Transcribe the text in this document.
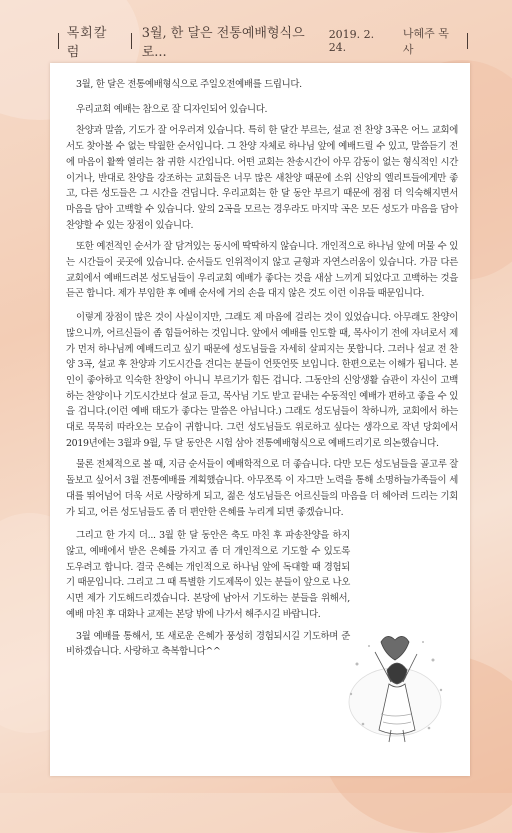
목회칼럼
3월, 한 달은 전통예배형식으로...
2019. 2. 24.
나혜주 목사

3월, 한 달은 전통예배형식으로 주일오전예배를 드립니다.

우리교회 예배는 참으로 잘 디자인되어 있습니다.

찬양과 말씀, 기도가 잘 어우러져 있습니다. 특히 한 달간 부르는, 설교 전 찬양 3곡은 어느 교회에서도 찾아볼 수 없는 탁월한 순서입니다. 그 찬양 자체로 하나님 앞에 예배드릴 수 있고, 말씀듣기 전에 마음이 활짝 열리는 참 귀한 시간입니다. 어떤 교회는 찬송시간이 아무 감동이 없는 형식적인 시간이거나, 반대로 찬양을 강조하는 교회들은 너무 많은 새찬양 때문에 소위 신앙의 엘리트들에게만 좋고, 다른 성도들은 그 시간을 견딥니다. 우리교회는 한 달 동안 부르기 때문에 점점 더 익숙해지면서 마음을 담아 고백할 수 있습니다. 앞의 2곡을 모르는 경우라도 마지막 곡은 모든 성도가 마음을 담아 찬양할 수 있는 장점이 있습니다.

또한 예전적인 순서가 잘 담겨있는 동시에 딱딱하지 않습니다. 개인적으로 하나님 앞에 머물 수 있는 시간들이 곳곳에 있습니다. 순서들도 인위적이지 않고 균형과 자연스러움이 있습니다. 가끔 다른 교회에서 예배드려본 성도님들이 우리교회 예배가 좋다는 것을 새삼 느끼게 되었다고 고백하는 것을 듣곤 합니다. 제가 부임한 후 예배 순서에 거의 손을 대지 않은 것도 이런 이유들 때문입니다.

이렇게 장점이 많은 것이 사실이지만, 그래도 제 마음에 걸리는 것이 있었습니다. 아무래도 찬양이 많으니까, 어르신들이 좀 힘들어하는 것입니다. 앞에서 예배를 인도할 때, 목사이기 전에 자녀로서 제가 먼저 하나님께 예배드리고 싶기 때문에 성도님들을 자세히 살피지는 못합니다. 그러나 설교 전 찬양 3곡, 설교 후 찬양과 기도시간을 견디는 분들이 언뜻언뜻 보입니다. 한편으로는 이해가 됩니다. 본인이 좋아하고 익숙한 찬양이 아니니 부르기가 힘든 겁니다. 그동안의 신앙생활 습관이 자신이 고백하는 찬양이나 기도시간보다 설교 듣고, 목사님 기도 받고 끝내는 수동적인 예배가 편하고 좋을 수 있을 겁니다.(이런 예배 태도가 좋다는 말씀은 아닙니다.) 그래도 성도님들이 착하니까, 교회에서 하는 대로 묵묵히 따라오는 모습이 귀합니다. 그런 성도님들도 위로하고 싶다는 생각으로 작년 당회에서 2019년에는 3월과 9월, 두 달 동안은 시험 삼아 전통예배형식으로 예배드리기로 의논했습니다.

물론 전체적으로 볼 때, 지금 순서들이 예배학적으로 더 좋습니다. 다만 모든 성도님들을 골고루 잘 돌보고 싶어서 3월 전통예배를 계획했습니다. 아무쪼록 이 자그만 노력을 통해 소명하늘가족들이 세대를 뛰어넘어 더욱 서로 사랑하게 되고, 젊은 성도님들은 어르신들의 마음을 더 헤아려 드리는 기회가 되고, 어른 성도님들도 좀 더 편안한 은혜를 누리게 되면 좋겠습니다.

그리고 한 가지 더... 3월 한 달 동안은 축도 마친 후 파송찬양을 하지 않고, 예배에서 받은 은혜를 가지고 좀 더 개인적으로 기도할 수 있도록 도우려고 합니다. 결국 은혜는 개인적으로 하나님 앞에 독대할 때 경험되기 때문입니다. 그리고 그 때 특별한 기도제목이 있는 분들이 앞으로 나오시면 제가 기도해드리겠습니다. 본당에 남아서 기도하는 분들을 위해서, 예배 마친 후 대화나 교제는 본당 밖에 나가서 해주시길 바랍니다.

3월 예배를 통해서, 또 새로운 은혜가 풍성히 경험되시길 기도하며 준비하겠습니다. 사랑하고 축복합니다^^
